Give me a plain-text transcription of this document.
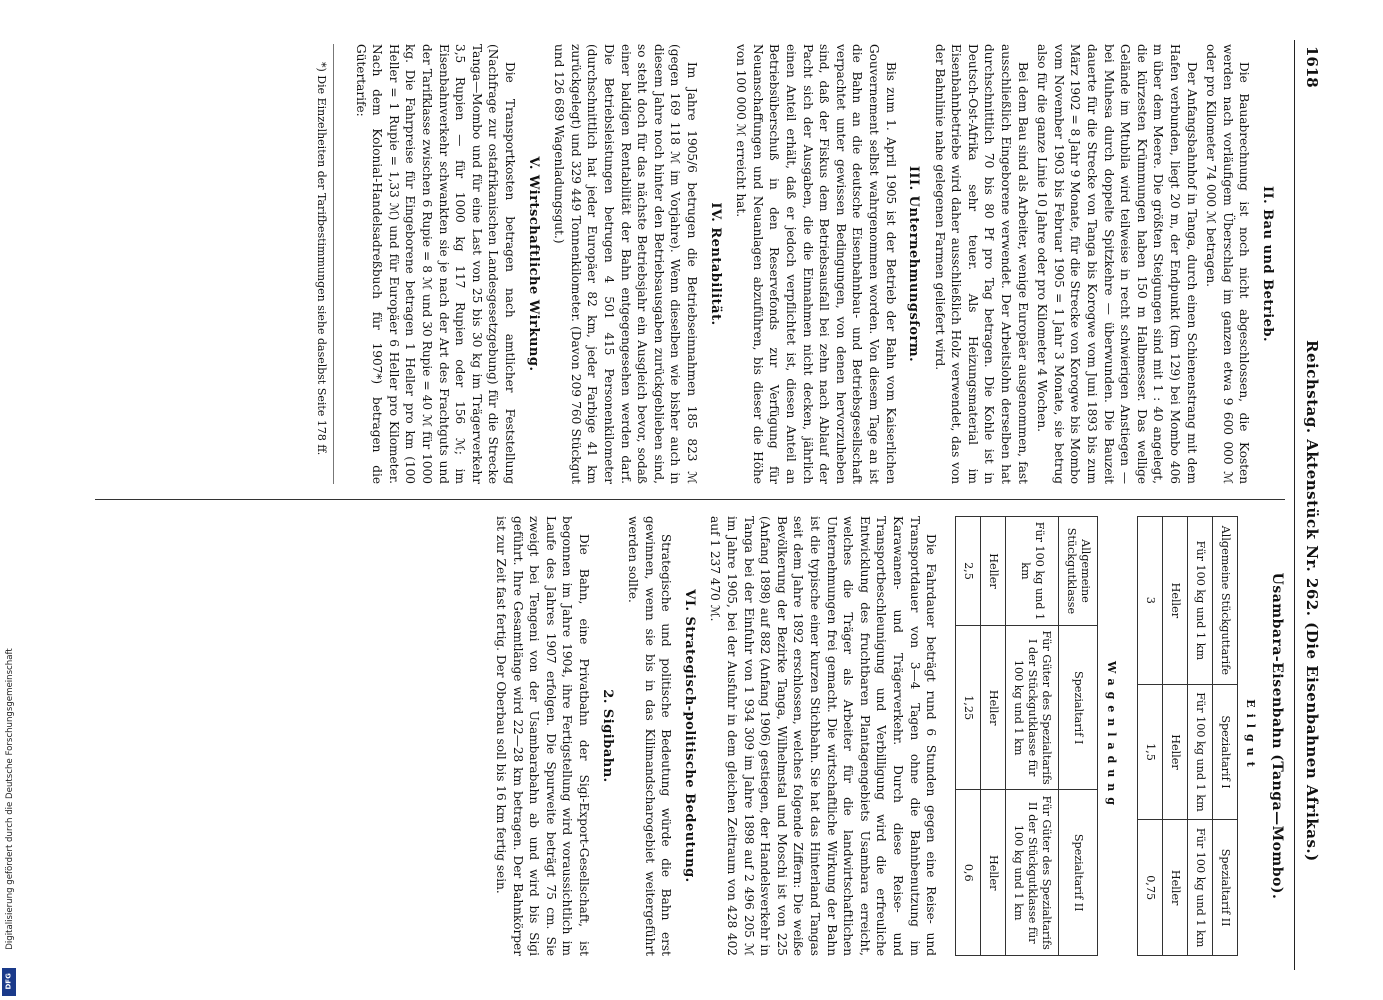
1618
Reichstag. Aktenstück Nr. 262. (Die Eisenbahnen Afrikas.)
II. Bau und Betrieb.

Die Bauabrechnung ist noch nicht abgeschlossen, die Kosten werden nach vorläufigem Überschlag im ganzen etwa 9 600 000 ℳ oder pro Kilometer 74 000 ℳ betragen.

Der Anfangsbahnhof in Tanga, durch einen Schienenstrang mit dem Hafen verbunden, liegt 20 m, der Endpunkt (km 129) bei Mombo 406 m über dem Meere. Die größten Steigungen sind mit 1 : 40 angelegt, die kürzesten Krümmungen haben 150 m Halbmesser. Das wellige Gelände im Mtubila wird teilweise in recht schwierigen Anstiegen — bei Muhesa durch doppelte Spitzkehre — überwunden. Die Bauzeit dauerte für die Strecke von Tanga bis Korogwe vom Juni 1893 bis zum März 1902 = 8 Jahr 9 Monate, für die Strecke von Korogwe bis Mombo vom November 1903 bis Februar 1905 = 1 Jahr 3 Monate, sie betrug also für die ganze Linie 10 Jahre oder pro Kilometer 4 Wochen.

Bei dem Bau sind als Arbeiter, wenige Europäer ausgenommen, fast ausschließlich Eingeborene verwendet. Der Arbeitslohn derselben hat durchschnittlich 70 bis 80 Pf pro Tag betragen. Die Kohle ist in Deutsch-Ost-Afrika sehr teuer. Als Heizungsmaterial im Eisenbahnbetriebe wird daher ausschließlich Holz verwendet, das von der Bahnlinie nahe gelegenen Farmen geliefert wird.

III. Unternehmungsform.

Bis zum 1. April 1905 ist der Betrieb der Bahn vom Kaiserlichen Gouvernement selbst wahrgenommen worden. Von diesem Tage an ist die Bahn an die deutsche Eisenbahnbau- und Betriebsgesellschaft verpachtet unter gewissen Bedingungen, von denen hervorzuheben sind, daß der Fiskus dem Betriebsausfall bei zehn nach Ablauf der Pacht sich der Ausgaben, die die Einnahmen nicht decken, jährlich einen Anteil erhält, daß er jedoch verpflichtet ist, diesen Anteil an Betriebsüberschuß in den Reservefonds zur Verfügung für Neuanschaffungen und Neuanlagen abzuführen, bis dieser die Höhe von 100 000 ℳ erreicht hat.

IV. Rentabilität.

Im Jahre 1905/6 betrugen die Betriebseinnahmen 185 823 ℳ (gegen 169 118 ℳ im Vorjahre). Wenn dieselben wie bisher auch in diesem Jahre noch hinter den Betriebsausgaben zurückgeblieben sind, so steht doch für das nächste Betriebsjahr ein Ausgleich bevor, sodaß einer baldigen Rentabilität der Bahn entgegengesehen werden darf. Die Betriebsleistungen betrugen 4 501 415 Personenkilometer (durchschnittlich hat jeder Europäer 82 km, jeder Farbige 41 km zurückgelegt) und 329 449 Tonnenkilometer. (Davon 209 760 Stückgut und 126 689 Wagenladungsgut.)

V. Wirtschaftliche Wirkung.

Die Transportkosten betragen nach amtlicher Feststellung (Nachfrage zur ostafrikanischen Landesgesetzgebung) für die Strecke Tanga—Mombo und für eine Last von 25 bis 30 kg im Trägerverkehr 3,5 Rupien — für 1000 kg 117 Rupien oder 156 ℳ; im Eisenbahnverkehr schwankten sie je nach der Art des Frachtguts und der Tarifklasse zwischen 6 Rupie = 8 ℳ und 30 Rupie = 40 ℳ für 1000 kg. Die Fahrpreise für Eingeborene betragen 1 Heller pro km (100 Heller = 1 Rupie = 1,33 ℳ) und für Europäer 6 Heller pro Kilometer. Nach dem Kolonial-Handelsadreßbuch für 1907*) betragen die Gütertarife:

*) Die Einzelheiten der Tarifbestimmungen siehe daselbst Seite 178 ff.
Usambara-Eisenbahn (Tanga—Mombo).
Eilgut
Allgemeine Stückguttarife	Spezialtarif I	Spezialtarif II
Für 100 kg und 1 km	Für 100 kg und 1 km	Für 100 kg und 1 km
Heller	Heller	Heller
3	1,5	0,75
Wagenladung
Allgemeine Stückgutklasse	Spezialtarif I	Spezialtarif II
Für 100 kg und 1 km	Für Güter des Spezialtarifs I der Stückgutklasse für 100 kg und 1 km	Für Güter des Spezialtarifs II der Stückgutklasse für 100 kg und 1 km
Heller	Heller	Heller
2,5	1,25	0,6

Die Fahrdauer beträgt rund 6 Stunden gegen eine Reise- und Transportdauer von 3—4 Tagen ohne die Bahnbenutzung im Karawanen- und Trägerverkehr. Durch diese Reise- und Transportbeschleunigung und Verbilligung wird die erfreuliche Entwicklung des fruchtbaren Plantagengebiets Usambara erreicht, welches die Träger als Arbeiter für die landwirtschaftlichen Unternehmungen frei gemacht. Die wirtschaftliche Wirkung der Bahn ist die typische einer kurzen Stichbahn. Sie hat das Hinterland Tangas seit dem Jahre 1892 erschlossen, welches folgende Ziffern: Die weiße Bevölkerung der Bezirke Tanga, Wilhelmstal und Moschi ist von 225 (Anfang 1898) auf 882 (Anfang 1906) gestiegen, der Handelsverkehr in Tanga bei der Einfuhr von 1 934 309 im Jahre 1898 auf 2 496 205 ℳ im Jahre 1905, bei der Ausfuhr in dem gleichen Zeitraum von 428 402 auf 1 237 470 ℳ.

VI. Strategisch-politische Bedeutung.

Strategische und politische Bedeutung würde die Bahn erst gewinnen, wenn sie bis in das Kilimandscharogebiet weitergeführt werden sollte.

2. Sigibahn.

Die Bahn, eine Privatbahn der Sigi-Export-Gesellschaft, ist begonnen im Jahre 1904, ihre Fertigstellung wird voraussichtlich im Laufe des Jahres 1907 erfolgen. Die Spurweite beträgt 75 cm. Sie zweigt bei Tengeni von der Usambarabahn ab und wird bis Sigi geführt. Ihre Gesamtlänge wird 22—28 km betragen. Der Bahnkörper ist zur Zeit fast fertig. Der Oberbau soll bis 16 km fertig sein.

Digitalisierung gefördert durch die Deutsche Forschungsgemeinschaft
DFG
